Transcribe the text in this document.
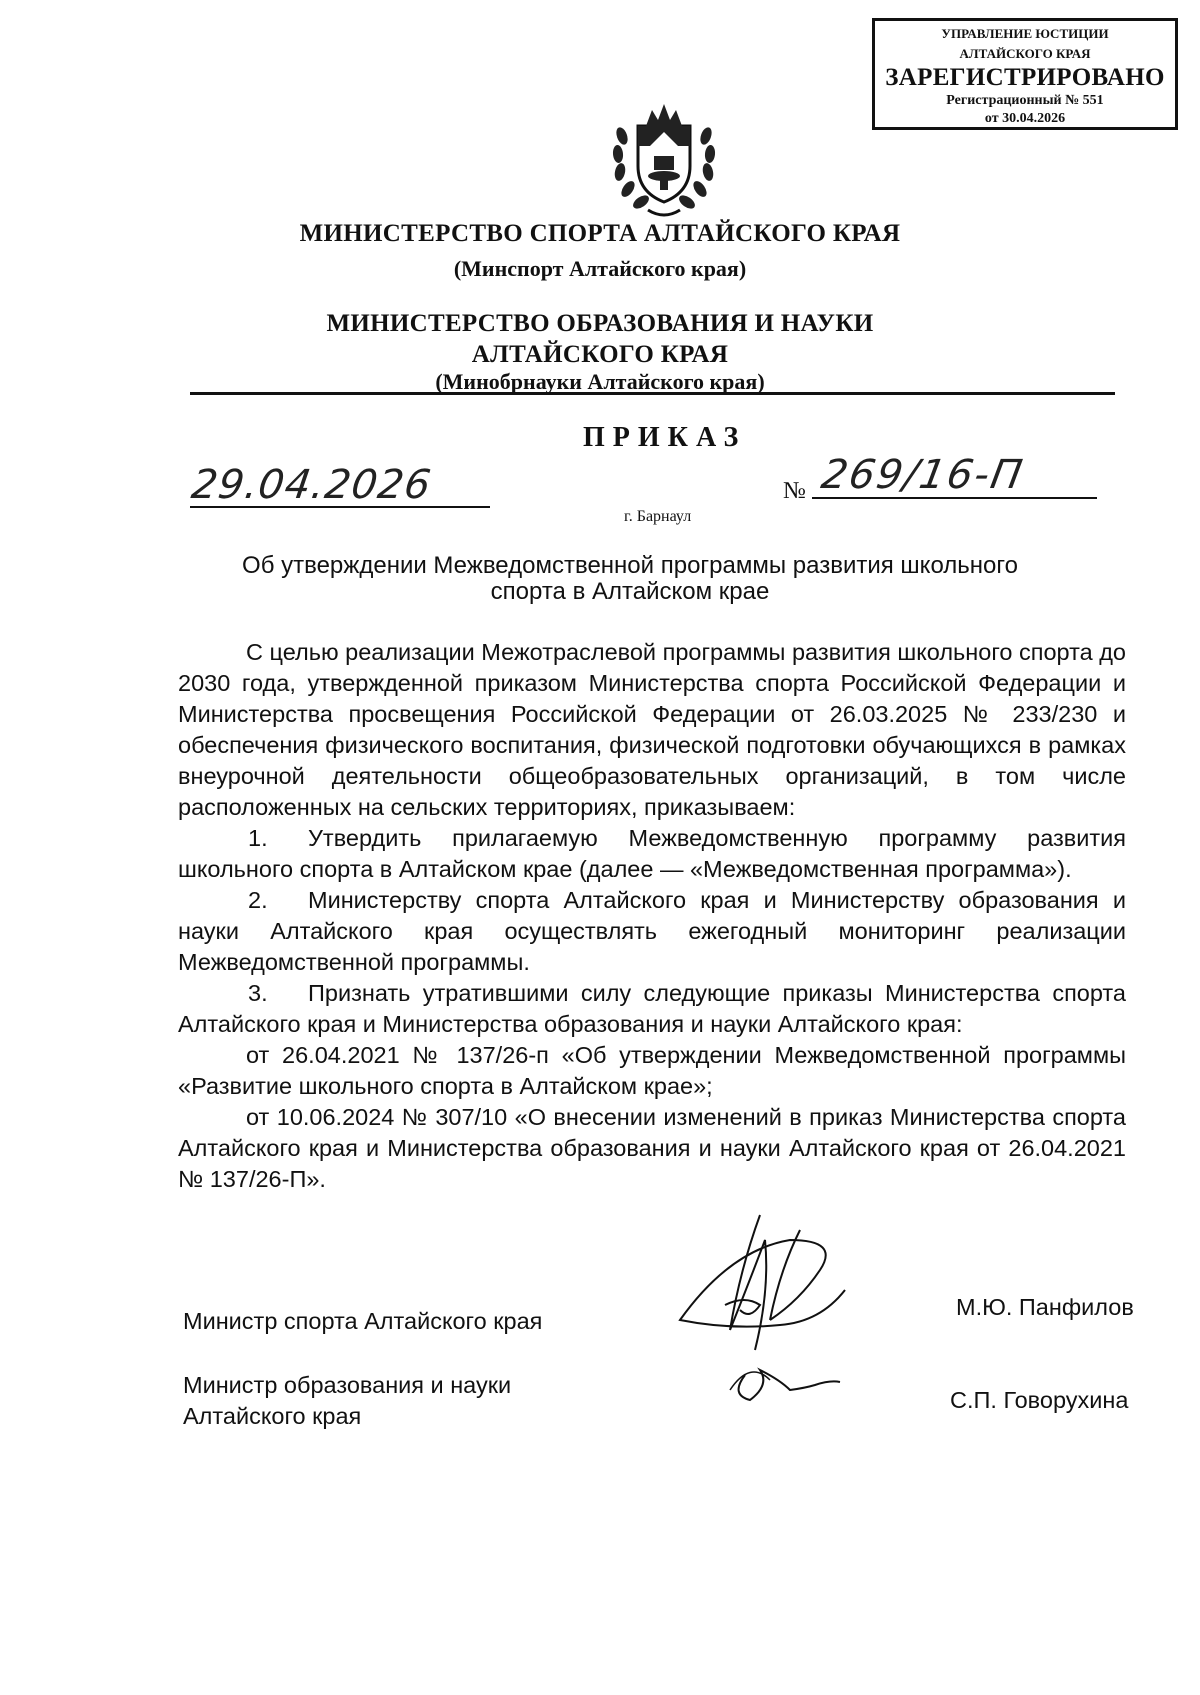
УПРАВЛЕНИЕ ЮСТИЦИИ
АЛТАЙСКОГО КРАЯ
ЗАРЕГИСТРИРОВАНО
Регистрационный № 551
от 30.04.2026
МИНИСТЕРСТВО СПОРТА АЛТАЙСКОГО КРАЯ
(Минспорт Алтайского края)
МИНИСТЕРСТВО ОБРАЗОВАНИЯ И НАУКИ
АЛТАЙСКОГО КРАЯ
(Минобрнауки Алтайского края)
ПРИКАЗ
29.04.2026	№ 269/16-П
г. Барнаул
Об утверждении Межведомственной программы развития школьного
спорта в Алтайском крае

С целью реализации Межотраслевой программы развития школьного спорта до 2030 года, утвержденной приказом Министерства спорта Российской Федерации и Министерства просвещения Российской Федерации от 26.03.2025 № 233/230 и обеспечения физического воспитания, физической подготовки обучающихся в рамках внеурочной деятельности общеобразовательных организаций, в том числе расположенных на сельских территориях, приказываем:

1. Утвердить прилагаемую Межведомственную программу развития школьного спорта в Алтайском крае (далее — «Межведомственная программа»).

2. Министерству спорта Алтайского края и Министерству образования и науки Алтайского края осуществлять ежегодный мониторинг реализации Межведомственной программы.

3. Признать утратившими силу следующие приказы Министерства спорта Алтайского края и Министерства образования и науки Алтайского края:

от 26.04.2021 № 137/26-п «Об утверждении Межведомственной программы «Развитие школьного спорта в Алтайском крае»;

от 10.06.2024 № 307/10 «О внесении изменений в приказ Министерства спорта Алтайского края и Министерства образования и науки Алтайского края от 26.04.2021 № 137/26-П».

Министр спорта Алтайского края
М.Ю. Панфилов
Министр образования и науки
Алтайского края
С.П. Говорухина
